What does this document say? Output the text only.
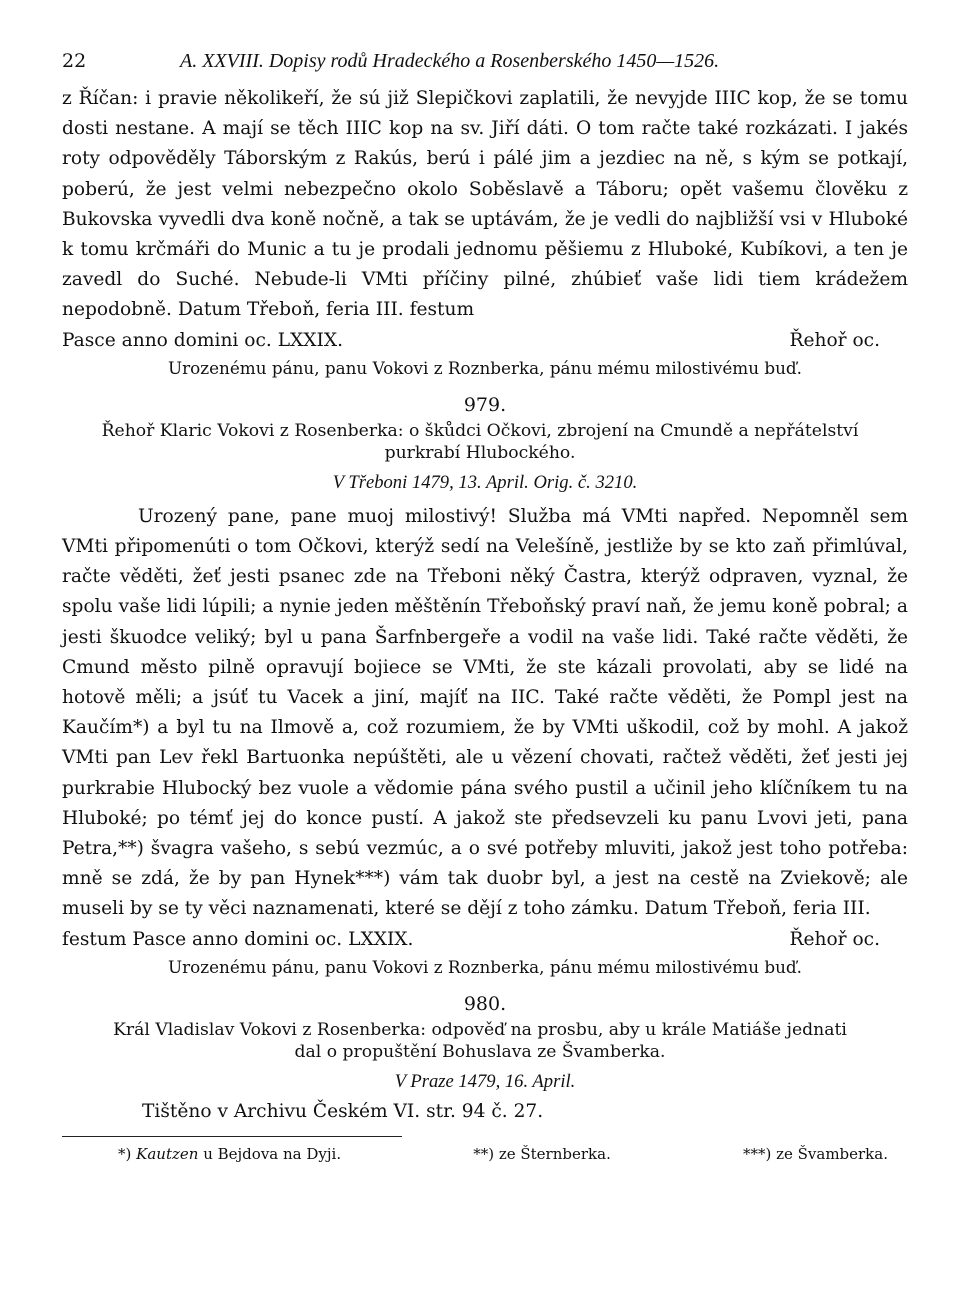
22	A. XXVIII. Dopisy rodů Hradeckého a Rosenberského 1450—1526.

z Říčan: i pravie několikeří, že sú již Slepičkovi zaplatili, že nevyjde IIIC kop, že se tomu dosti nestane. A mají se těch IIIC kop na sv. Jiří dáti. O tom račte také rozkázati. I jakés roty odpověděly Táborským z Rakús, berú i pálé jim a jezdiec na ně, s kým se potkají, poberú, že jest velmi nebezpečno okolo Soběslavě a Táboru; opět vašemu člověku z Bukovska vyvedli dva koně nočně, a tak se uptávám, že je vedli do najbližší vsi v Hluboké k tomu krčmáři do Munic a tu je prodali jednomu pěšiemu z Hluboké, Kubíkovi, a ten je zavedl do Suché. Nebude-li VMti příčiny pilné, zhúbieť vaše lidi tiem krádežem nepodobně. Datum Třeboň, feria III. festum

Pasce anno domini oc. LXXIX.	Řehoř oc.

Urozenému pánu, panu Vokovi z Roznberka, pánu mému milostivému buď.

979.

Řehoř Klaric Vokovi z Rosenberka: o škůdci Očkovi, zbrojení na Cmundě a nepřátelství
purkrabí Hlubockého.

V Třeboni 1479, 13. April. Orig. č. 3210.

Urozený pane, pane muoj milostivý! Služba má VMti napřed. Nepomněl sem VMti připomenúti o tom Očkovi, kterýž sedí na Velešíně, jestliže by se kto zaň přimlúval, račte věděti, žeť jesti psanec zde na Třeboni něký Častra, kterýž odpraven, vyznal, že spolu vaše lidi lúpili; a nynie jeden měštěnín Třeboňský praví naň, že jemu koně pobral; a jesti škuodce veliký; byl u pana Šarfnbergeře a vodil na vaše lidi. Také račte věděti, že Cmund město pilně opravují bojiece se VMti, že ste kázali provolati, aby se lidé na hotově měli; a jsúť tu Vacek a jiní, majíť na IIC. Také račte věděti, že Pompl jest na Kaučím*) a byl tu na Ilmově a, což rozumiem, že by VMti uškodil, což by mohl. A jakož VMti pan Lev řekl Bartuonka nepúštěti, ale u vězení chovati, račtež věděti, žeť jesti jej purkrabie Hlubocký bez vuole a vědomie pána svého pustil a učinil jeho klíčníkem tu na Hluboké; po témť jej do konce pustí. A jakož ste předsevzeli ku panu Lvovi jeti, pana Petra,**) švagra vašeho, s sebú vezmúc, a o své potřeby mluviti, jakož jest toho potřeba: mně se zdá, že by pan Hynek***) vám tak duobr byl, a jest na cestě na Zviekově; ale museli by se ty věci naznamenati, které se dějí z toho zámku. Datum Třeboň, feria III.

festum Pasce anno domini oc. LXXIX.	Řehoř oc.

Urozenému pánu, panu Vokovi z Roznberka, pánu mému milostivému buď.

980.

Král Vladislav Vokovi z Rosenberka: odpověď na prosbu, aby u krále Matiáše jednati
dal o propuštění Bohuslava ze Švamberka.

V Praze 1479, 16. April.
Tištěno v Archivu Českém VI. str. 94 č. 27.
*) Kautzen u Bejdova na Dyji.	**) ze Šternberka.	***) ze Švamberka.
